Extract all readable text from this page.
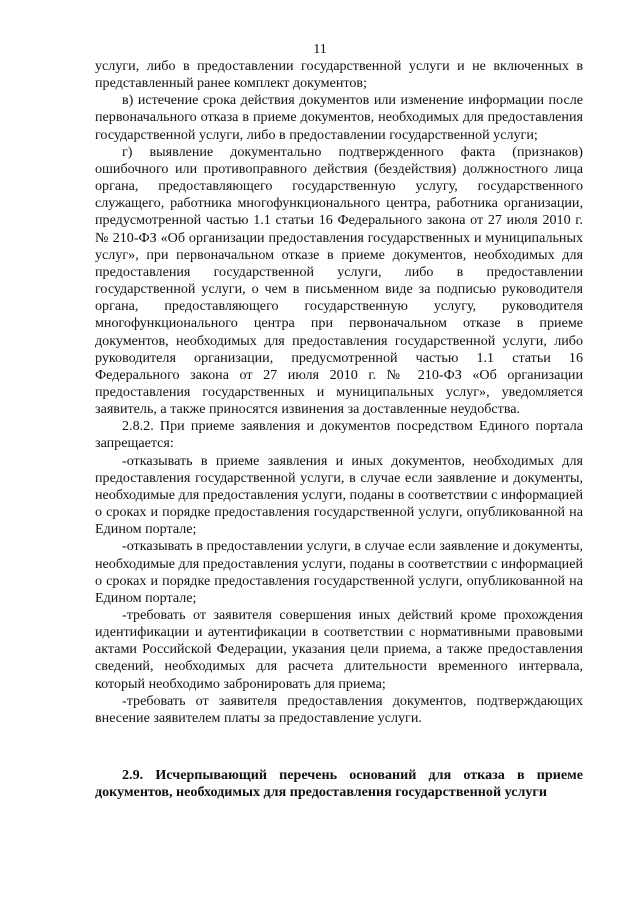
11

услуги, либо в предоставлении государственной услуги и не включенных в представленный ранее комплект документов;

в) истечение срока действия документов или изменение информации после первоначального отказа в приеме документов, необходимых для предоставления государственной услуги, либо в предоставлении государственной услуги;

г) выявление документально подтвержденного факта (признаков) ошибочного или противоправного действия (бездействия) должностного лица органа, предоставляющего государственную услугу, государственного служащего, работника многофункционального центра, работника организации, предусмотренной частью 1.1 статьи 16 Федерального закона от 27 июля 2010 г. № 210-ФЗ «Об организации предоставления государственных и муниципальных услуг», при первоначальном отказе в приеме документов, необходимых для предоставления государственной услуги, либо в предоставлении государственной услуги, о чем в письменном виде за подписью руководителя органа, предоставляющего государственную услугу, руководителя многофункционального центра при первоначальном отказе в приеме документов, необходимых для предоставления государственной услуги, либо руководителя организации, предусмотренной частью 1.1 статьи 16 Федерального закона от 27 июля 2010 г. № 210-ФЗ «Об организации предоставления государственных и муниципальных услуг», уведомляется заявитель, а также приносятся извинения за доставленные неудобства.

2.8.2. При приеме заявления и документов посредством Единого портала запрещается:

-отказывать в приеме заявления и иных документов, необходимых для предоставления государственной услуги, в случае если заявление и документы, необходимые для предоставления услуги, поданы в соответствии с информацией о сроках и порядке предоставления государственной услуги, опубликованной на Едином портале;

-отказывать в предоставлении услуги, в случае если заявление и документы, необходимые для предоставления услуги, поданы в соответствии с информацией о сроках и порядке предоставления государственной услуги, опубликованной на Едином портале;

-требовать от заявителя совершения иных действий кроме прохождения идентификации и аутентификации в соответствии с нормативными правовыми актами Российской Федерации, указания цели приема, а также предоставления сведений, необходимых для расчета длительности временного интервала, который необходимо забронировать для приема;

-требовать от заявителя предоставления документов, подтверждающих внесение заявителем платы за предоставление услуги.

2.9. Исчерпывающий перечень оснований для отказа в приеме документов, необходимых для предоставления государственной услуги
